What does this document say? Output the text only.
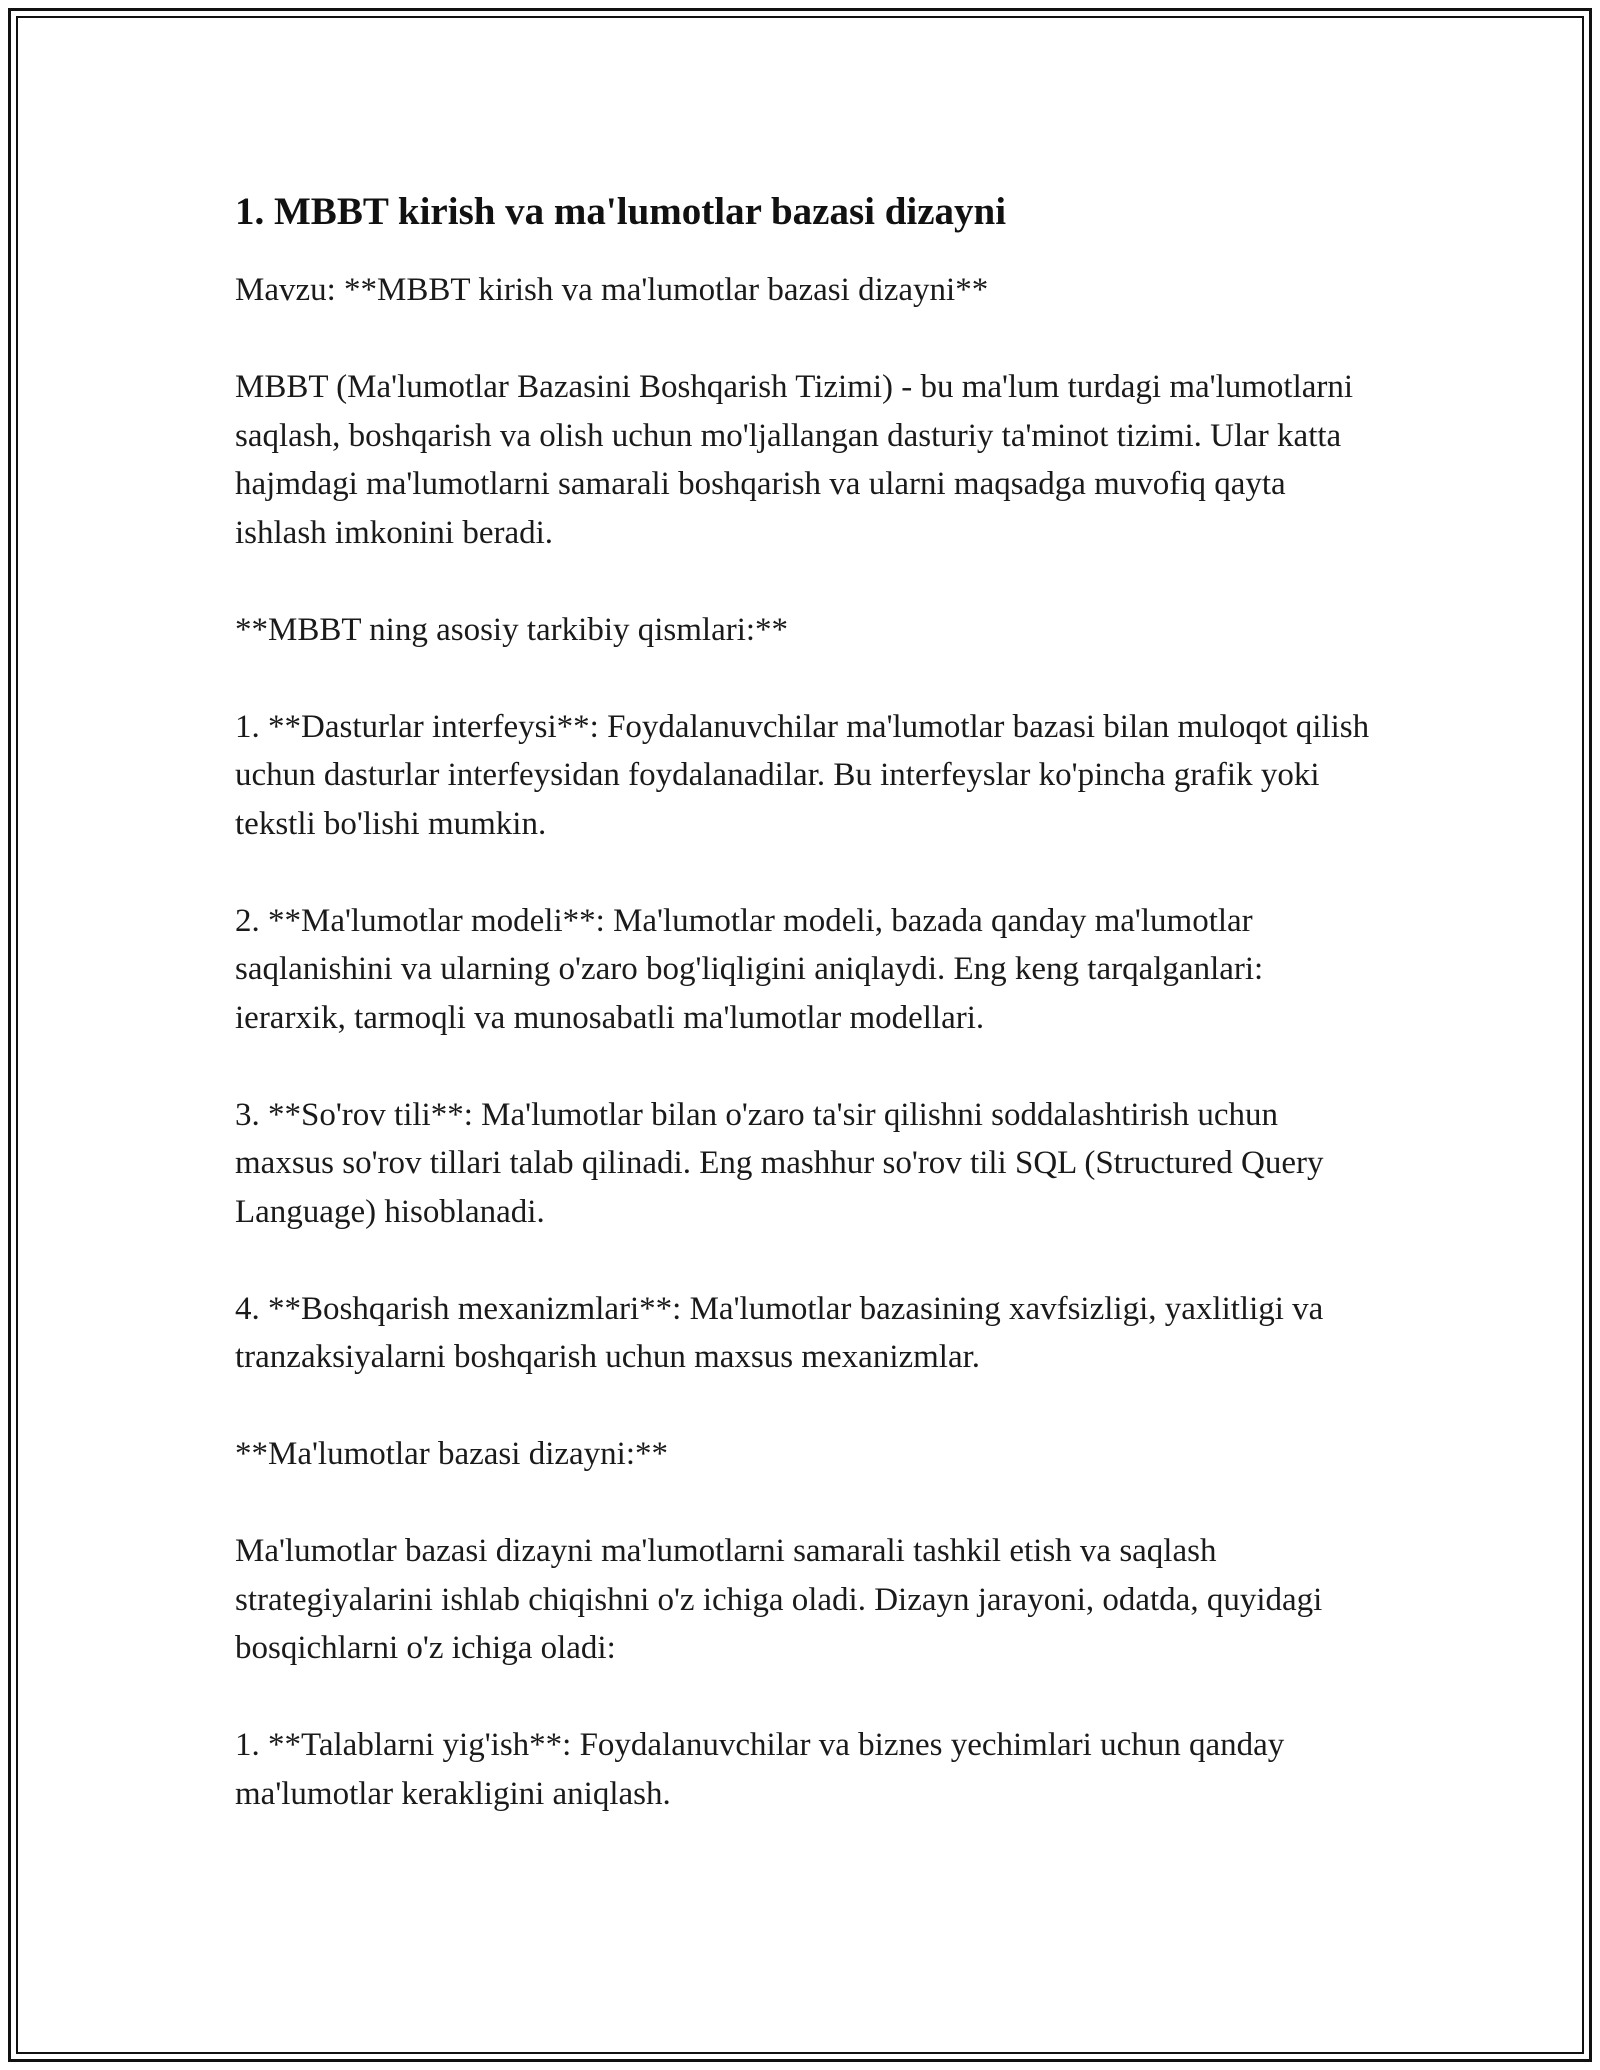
1. MBBT kirish va ma'lumotlar bazasi dizayni

Mavzu: **MBBT kirish va ma'lumotlar bazasi dizayni**

MBBT (Ma'lumotlar Bazasini Boshqarish Tizimi) - bu ma'lum turdagi ma'lumotlarni saqlash, boshqarish va olish uchun mo'ljallangan dasturiy ta'minot tizimi. Ular katta hajmdagi ma'lumotlarni samarali boshqarish va ularni maqsadga muvofiq qayta ishlash imkonini beradi.

**MBBT ning asosiy tarkibiy qismlari:**

1. **Dasturlar interfeysi**: Foydalanuvchilar ma'lumotlar bazasi bilan muloqot qilish uchun dasturlar interfeysidan foydalanadilar. Bu interfeyslar ko'pincha grafik yoki tekstli bo'lishi mumkin.

2. **Ma'lumotlar modeli**: Ma'lumotlar modeli, bazada qanday ma'lumotlar saqlanishini va ularning o'zaro bog'liqligini aniqlaydi. Eng keng tarqalganlari: ierarxik, tarmoqli va munosabatli ma'lumotlar modellari.

3. **So'rov tili**: Ma'lumotlar bilan o'zaro ta'sir qilishni soddalashtirish uchun maxsus so'rov tillari talab qilinadi. Eng mashhur so'rov tili SQL (Structured Query Language) hisoblanadi.

4. **Boshqarish mexanizmlari**: Ma'lumotlar bazasining xavfsizligi, yaxlitligi va tranzaksiyalarni boshqarish uchun maxsus mexanizmlar.

**Ma'lumotlar bazasi dizayni:**

Ma'lumotlar bazasi dizayni ma'lumotlarni samarali tashkil etish va saqlash strategiyalarini ishlab chiqishni o'z ichiga oladi. Dizayn jarayoni, odatda, quyidagi bosqichlarni o'z ichiga oladi:

1. **Talablarni yig'ish**: Foydalanuvchilar va biznes yechimlari uchun qanday ma'lumotlar kerakligini aniqlash.
